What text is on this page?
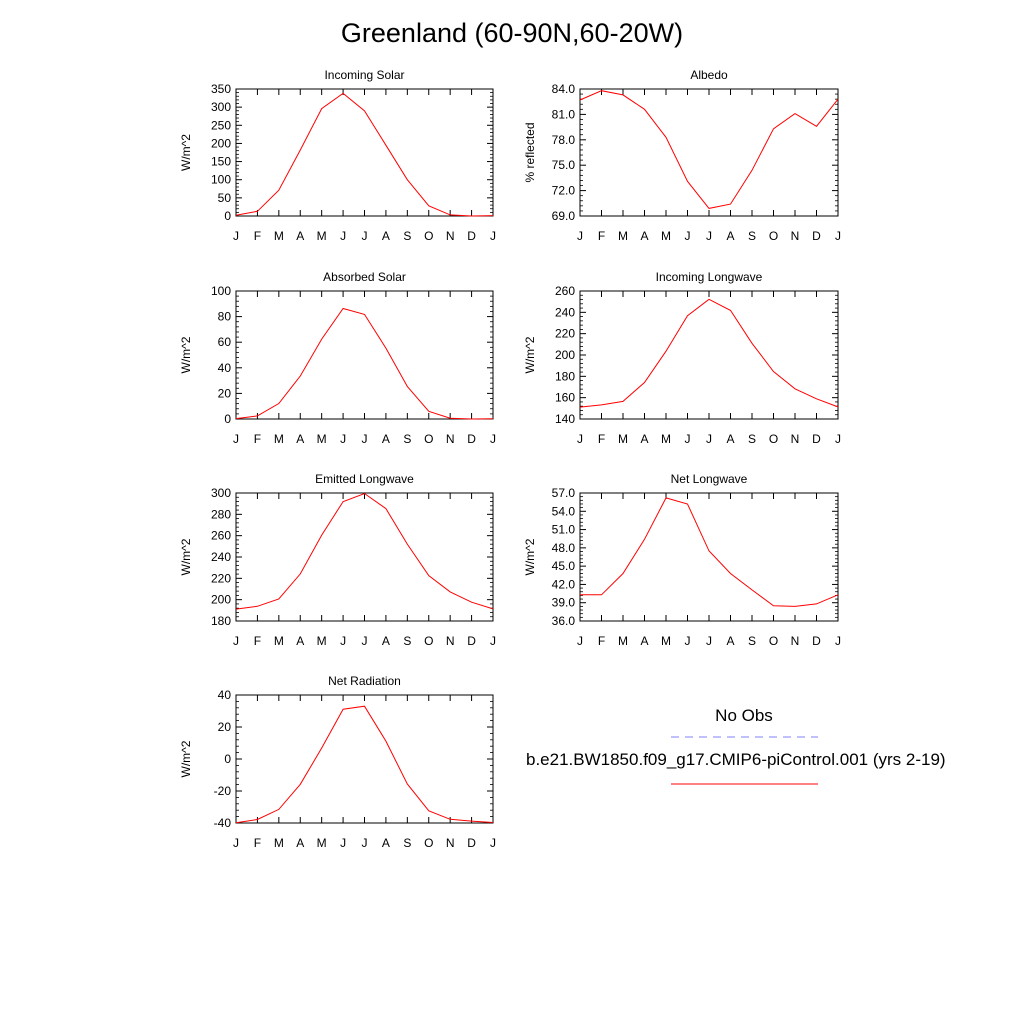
Greenland (60-90N,60-20W)
Incoming Solar
W/m^2
0
50
100
150
200
250
300
350
J F M A M J J A S O N D J
Albedo
% reflected
69.0
72.0
75.0
78.0
81.0
84.0
J F M A M J J A S O N D J
Absorbed Solar
W/m^2
0
20
40
60
80
100
J F M A M J J A S O N D J
Incoming Longwave
W/m^2
140
160
180
200
220
240
260
J F M A M J J A S O N D J
Emitted Longwave
W/m^2
180
200
220
240
260
280
300
J F M A M J J A S O N D J
Net Longwave
W/m^2
36.0
39.0
42.0
45.0
48.0
51.0
54.0
57.0
J F M A M J J A S O N D J
Net Radiation
W/m^2
-40
-20
0
20
40
J F M A M J J A S O N D J
No Obs
b.e21.BW1850.f09_g17.CMIP6-piControl.001 (yrs 2-19)
